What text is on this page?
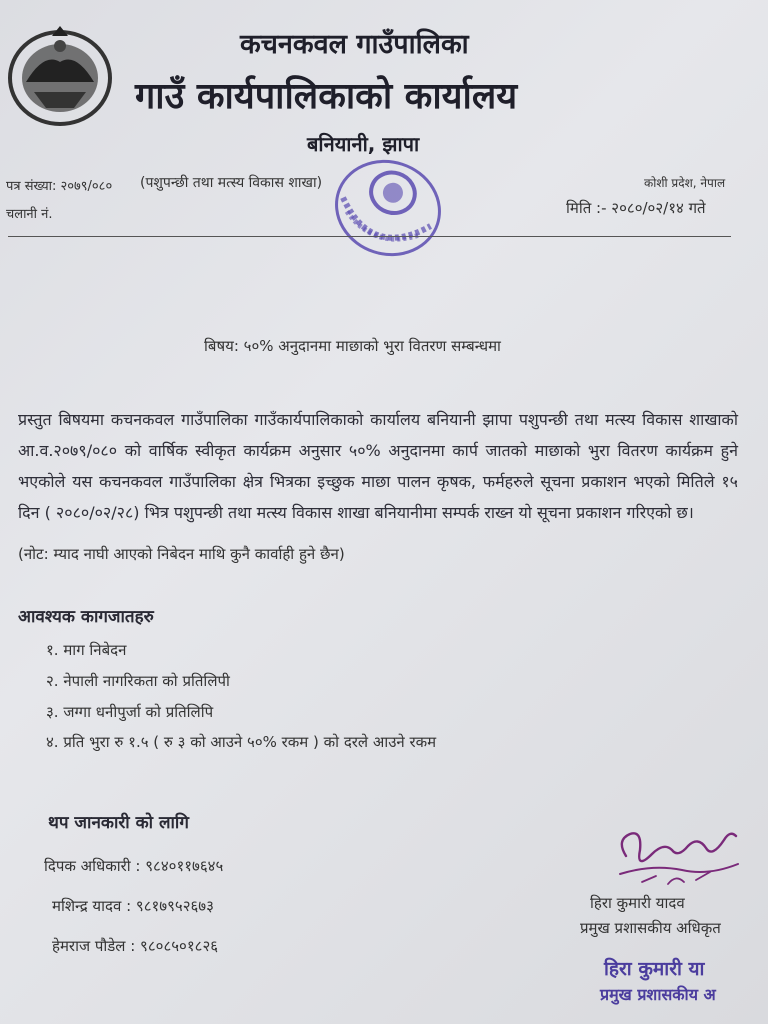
कचनकवल गाउँपालिका
गाउँ कार्यपालिकाको कार्यालय
बनियानी, झापा
पत्र संख्या: २०७९/०८० (पशुपन्छी तथा मत्स्य विकास शाखा)
चलानी नं.
कोशी प्रदेश, नेपाल
मिति :- २०८०/०२/१४ गते
बिषय: ५०% अनुदानमा माछाको भुरा वितरण सम्बन्धमा

प्रस्तुत बिषयमा कचनकवल गाउँपालिका गाउँकार्यपालिकाको कार्यालय बनियानी झापा पशुपन्छी तथा मत्स्य विकास शाखाको आ.व.२०७९/०८० को वार्षिक स्वीकृत कार्यक्रम अनुसार ५०% अनुदानमा कार्प जातको माछाको भुरा वितरण कार्यक्रम हुने भएकोले यस कचनकवल गाउँपालिका क्षेत्र भित्रका इच्छुक माछा पालन कृषक, फर्महरुले सूचना प्रकाशन भएको मितिले १५ दिन ( २०८०/०२/२८) भित्र पशुपन्छी तथा मत्स्य विकास शाखा बनियानीमा सम्पर्क राख्न यो सूचना प्रकाशन गरिएको छ।

(नोट: म्याद नाघी आएको निबेदन माथि कुनै कार्वाही हुने छैन)
आवश्यक कागजातहरु
१. माग निबेदन
२. नेपाली नागरिकता को प्रतिलिपी
३. जग्गा धनीपुर्जा को प्रतिलिपि
४. प्रति भुरा रु १.५ ( रु ३ को आउने ५०% रकम ) को दरले आउने रकम
थप जानकारी को लागि
दिपक अधिकारी : ९८४०११७६४५
मशिन्द्र यादव : ९८१७९५२६७३
हेमराज पौडेल : ९८०८५०१८२६
हिरा कुमारी यादव
प्रमुख प्रशासकीय अधिकृत
हिरा कुमारी या
प्रमुख प्रशासकीय अ
